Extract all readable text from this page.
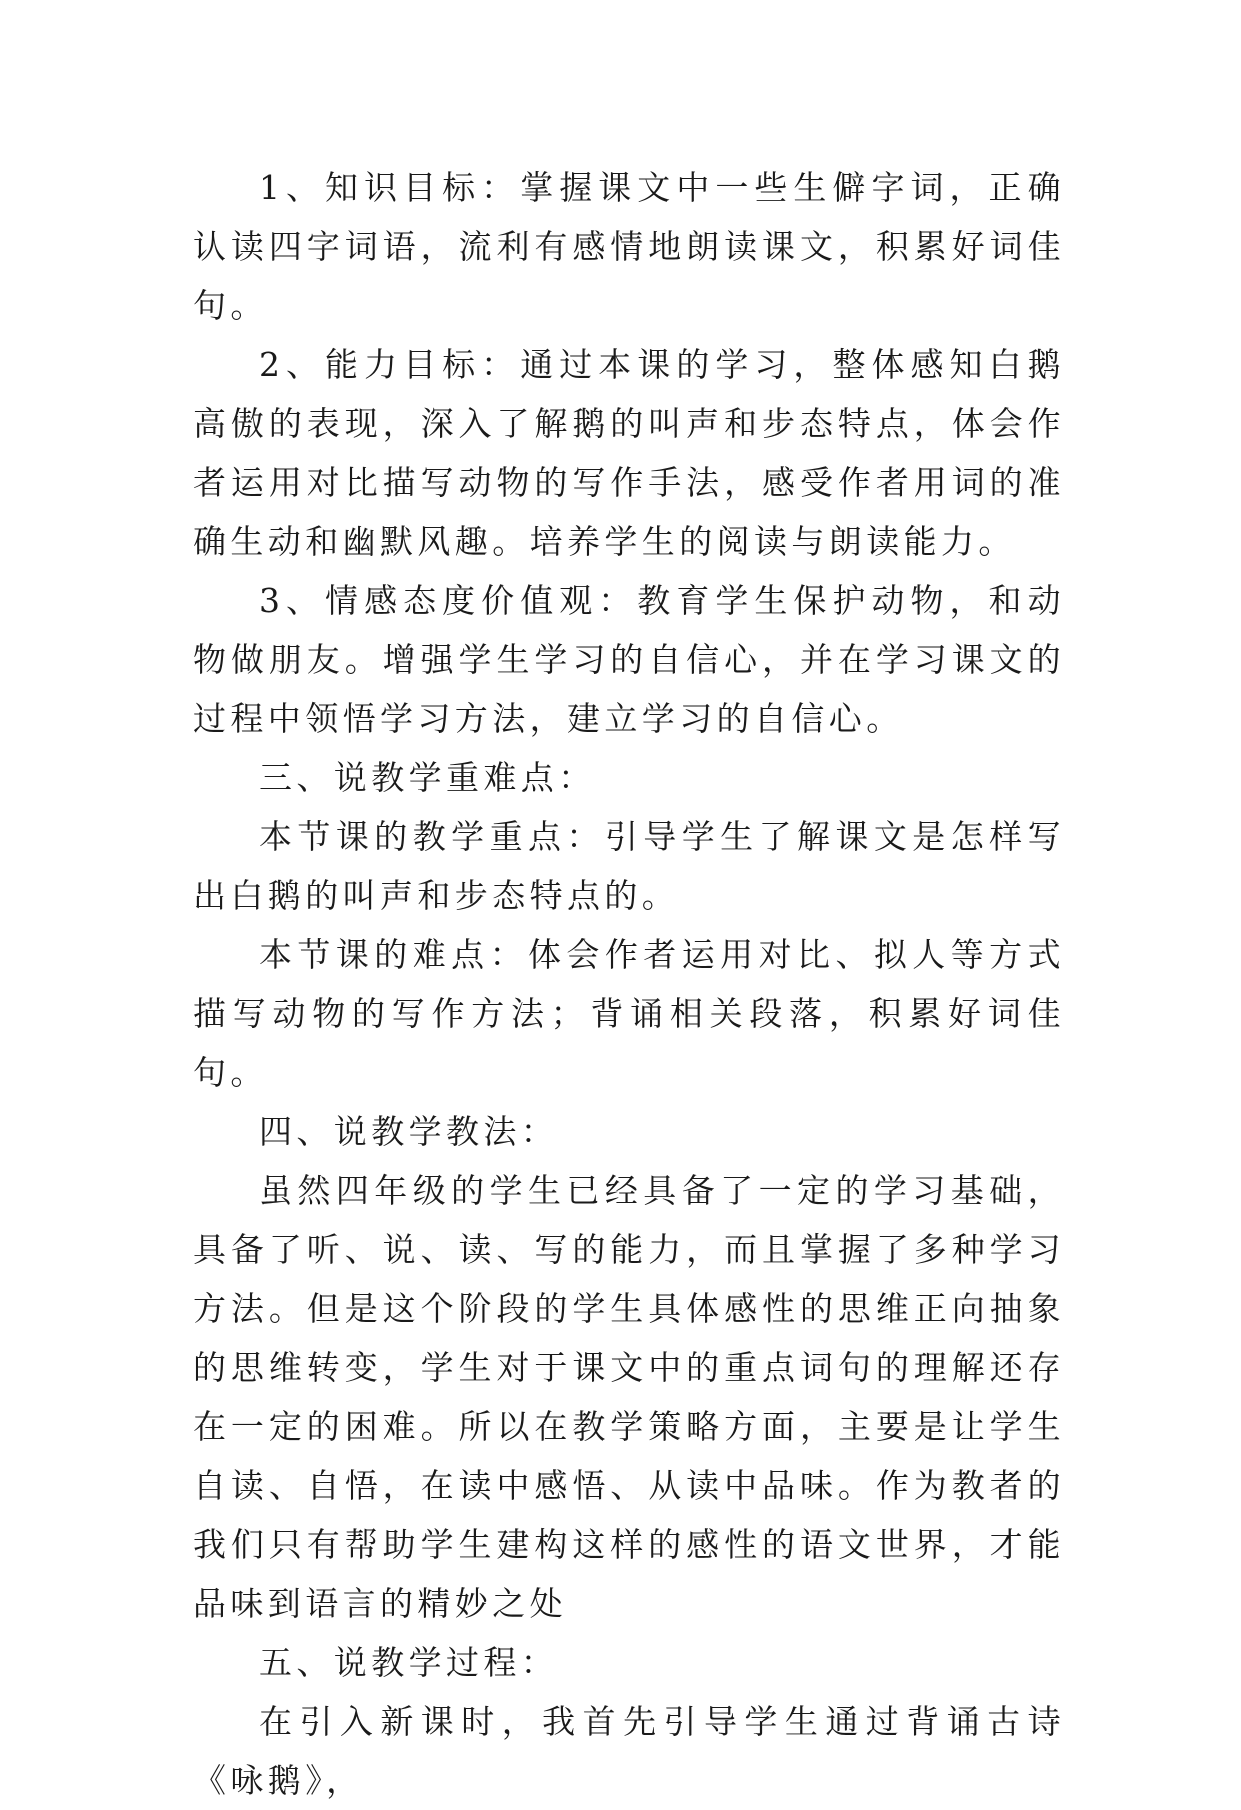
1、知识目标：掌握课文中一些生僻字词，正确认读四字词语，流利有感情地朗读课文，积累好词佳句。

2、能力目标：通过本课的学习，整体感知白鹅高傲的表现，深入了解鹅的叫声和步态特点，体会作者运用对比描写动物的写作手法，感受作者用词的准确生动和幽默风趣。培养学生的阅读与朗读能力。

3、情感态度价值观：教育学生保护动物，和动物做朋友。增强学生学习的自信心，并在学习课文的过程中领悟学习方法，建立学习的自信心。

三、说教学重难点：

本节课的教学重点：引导学生了解课文是怎样写出白鹅的叫声和步态特点的。

本节课的难点：体会作者运用对比、拟人等方式描写动物的写作方法；背诵相关段落，积累好词佳句。

四、说教学教法：

虽然四年级的学生已经具备了一定的学习基础，具备了听、说、读、写的能力，而且掌握了多种学习方法。但是这个阶段的学生具体感性的思维正向抽象的思维转变，学生对于课文中的重点词句的理解还存在一定的困难。所以在教学策略方面，主要是让学生自读、自悟，在读中感悟、从读中品味。作为教者的我们只有帮助学生建构这样的感性的语文世界，才能品味到语言的精妙之处

五、说教学过程：

在引入新课时，我首先引导学生通过背诵古诗《咏鹅》，
